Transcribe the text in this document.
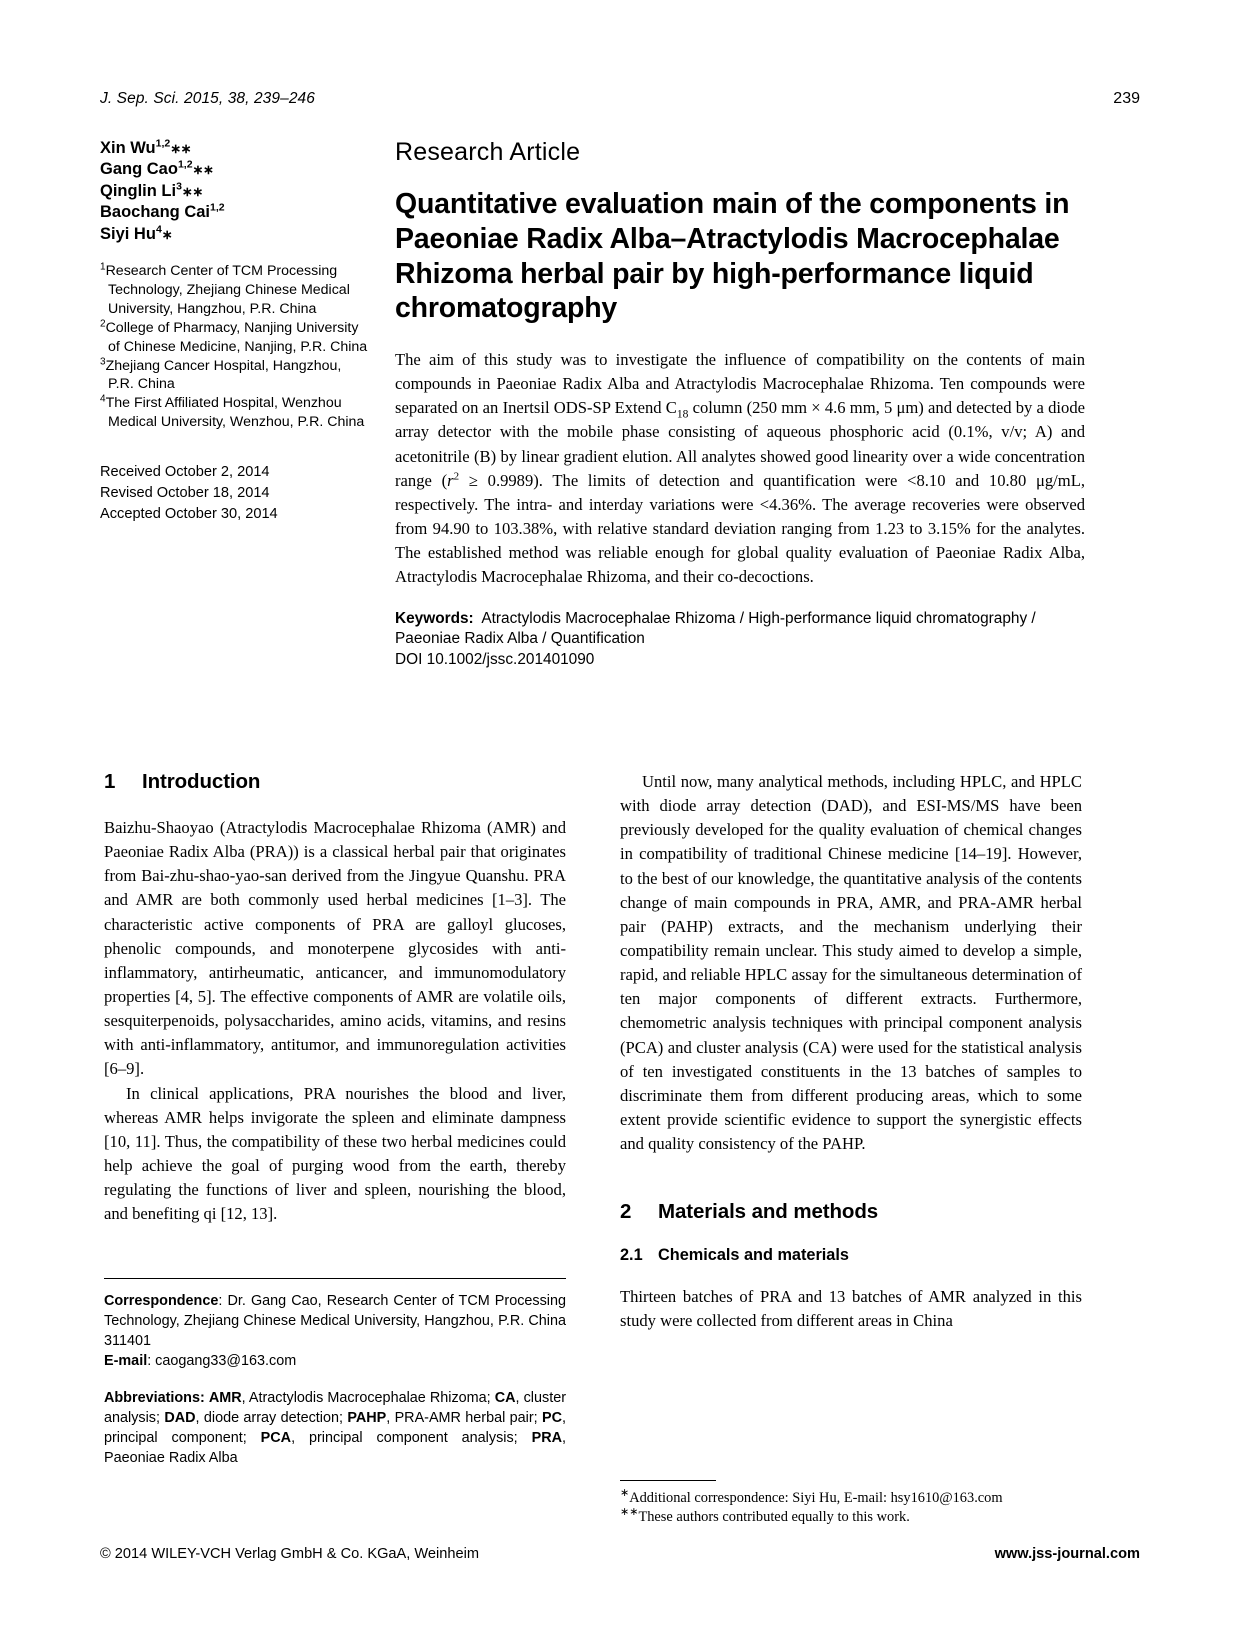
J. Sep. Sci. 2015, 38, 239–246	239
Xin Wu$^{1,2}$∗∗
Gang Cao$^{1,2}$∗∗
Qinglin Li$^3$∗∗
Baochang Cai$^{1,2}$
Siyi Hu$^4$∗
$^1$Research Center of TCM Processing Technology, Zhejiang Chinese Medical University, Hangzhou, P.R. China
$^2$College of Pharmacy, Nanjing University of Chinese Medicine, Nanjing, P.R. China
$^3$Zhejiang Cancer Hospital, Hangzhou, P.R. China
$^4$The First Affiliated Hospital, Wenzhou Medical University, Wenzhou, P.R. China
Received October 2, 2014
Revised October 18, 2014
Accepted October 30, 2014
Research Article
Quantitative evaluation main of the components in Paeoniae Radix Alba–Atractylodis Macrocephalae Rhizoma herbal pair by high-performance liquid chromatography
The aim of this study was to investigate the influence of compatibility on the contents of main compounds in Paeoniae Radix Alba and Atractylodis Macrocephalae Rhizoma. Ten compounds were separated on an Inertsil ODS-SP Extend $C_{18}$ column (250 mm × 4.6 mm, 5 μm) and detected by a diode array detector with the mobile phase consisting of aqueous phosphoric acid (0.1%, v/v; A) and acetonitrile (B) by linear gradient elution. All analytes showed good linearity over a wide concentration range $(r^2 \ge 0.9989)$. The limits of detection and quantification were <8.10 and 10.80 μg/mL, respectively. The intra- and interday variations were <4.36%. The average recoveries were observed from 94.90 to 103.38%, with relative standard deviation ranging from 1.23 to 3.15% for the analytes. The established method was reliable enough for global quality evaluation of Paeoniae Radix Alba, Atractylodis Macrocephalae Rhizoma, and their co-decoctions.
Keywords: Atractylodis Macrocephalae Rhizoma / High-performance liquid chromatography / Paeoniae Radix Alba / Quantification
DOI 10.1002/jssc.201401090
1 Introduction

Baizhu-Shaoyao (Atractylodis Macrocephalae Rhizoma (AMR) and Paeoniae Radix Alba (PRA)) is a classical herbal pair that originates from Bai-zhu-shao-yao-san derived from the Jingyue Quanshu. PRA and AMR are both commonly used herbal medicines [1–3]. The characteristic active components of PRA are galloyl glucoses, phenolic compounds, and monoterpene glycosides with anti-inflammatory, antirheumatic, anticancer, and immunomodulatory properties [4, 5]. The effective components of AMR are volatile oils, sesquiterpenoids, polysaccharides, amino acids, vitamins, and resins with anti-inflammatory, antitumor, and immunoregulation activities [6–9].

In clinical applications, PRA nourishes the blood and liver, whereas AMR helps invigorate the spleen and eliminate dampness [10, 11]. Thus, the compatibility of these two herbal medicines could help achieve the goal of purging wood from the earth, thereby regulating the functions of liver and spleen, nourishing the blood, and benefiting qi [12, 13].

Until now, many analytical methods, including HPLC, and HPLC with diode array detection (DAD), and ESI-MS/MS have been previously developed for the quality evaluation of chemical changes in compatibility of traditional Chinese medicine [14–19]. However, to the best of our knowledge, the quantitative analysis of the contents change of main compounds in PRA, AMR, and PRA-AMR herbal pair (PAHP) extracts, and the mechanism underlying their compatibility remain unclear. This study aimed to develop a simple, rapid, and reliable HPLC assay for the simultaneous determination of ten major components of different extracts. Furthermore, chemometric analysis techniques with principal component analysis (PCA) and cluster analysis (CA) were used for the statistical analysis of ten investigated constituents in the 13 batches of samples to discriminate them from different producing areas, which to some extent provide scientific evidence to support the synergistic effects and quality consistency of the PAHP.

2 Materials and methods
2.1 Chemicals and materials

Thirteen batches of PRA and 13 batches of AMR analyzed in this study were collected from different areas in China

Correspondence: Dr. Gang Cao, Research Center of TCM Processing Technology, Zhejiang Chinese Medical University, Hangzhou, P.R. China 311401
E-mail: caogang33@163.com
Abbreviations: AMR, Atractylodis Macrocephalae Rhizoma; CA, cluster analysis; DAD, diode array detection; PAHP, PRA-AMR herbal pair; PC, principal component; PCA, principal component analysis; PRA, Paeoniae Radix Alba
∗Additional correspondence: Siyi Hu, E-mail: hsy1610@163.com
∗∗These authors contributed equally to this work.
© 2014 WILEY-VCH Verlag GmbH & Co. KGaA, Weinheim	www.jss-journal.com
